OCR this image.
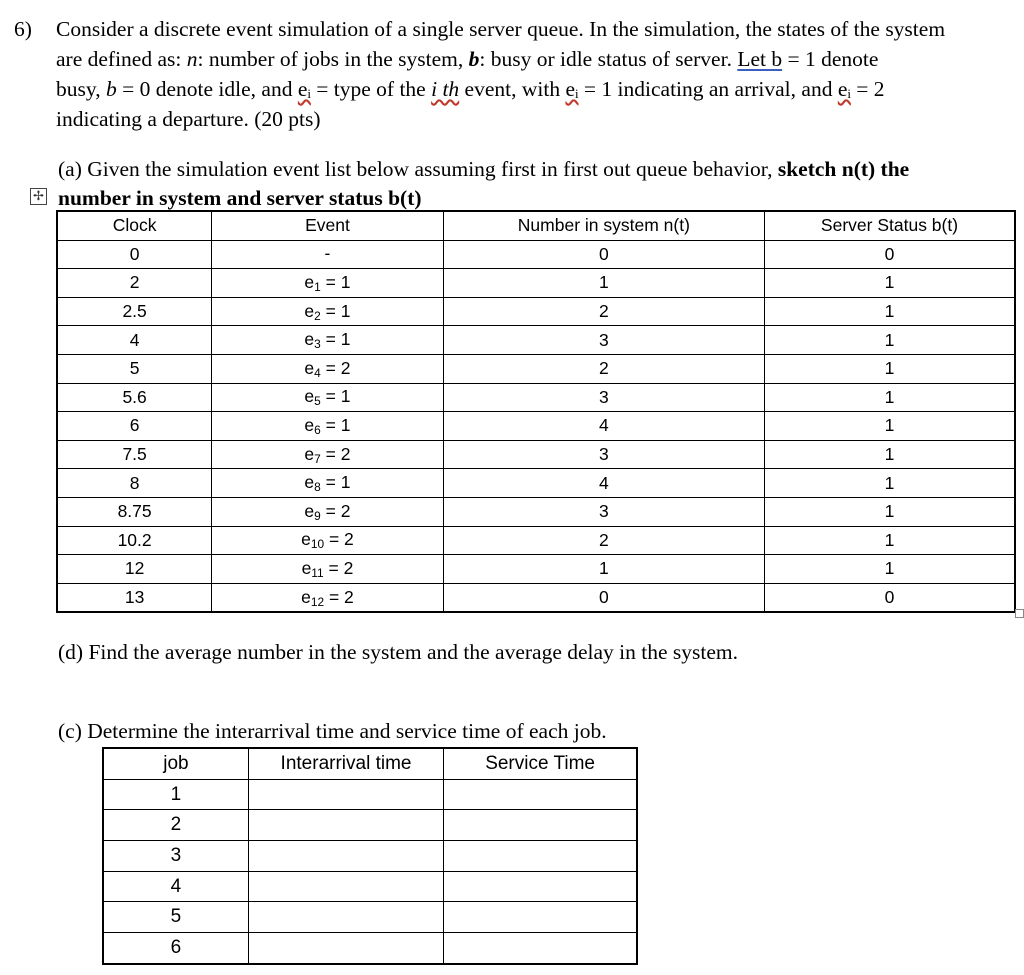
6) Consider a discrete event simulation of a single server queue. In the simulation, the states of the system
are defined as: n: number of jobs in the system, b: busy or idle status of server. Let b = 1 denote
busy, b = 0 denote idle, and eᵢ = type of the i th event, with eᵢ = 1 indicating an arrival, and eᵢ = 2
indicating a departure. (20 pts)
(a) Given the simulation event list below assuming first in first out queue behavior, sketch n(t) the
number in system and server status b(t)
✢
Clock	Event	Number in system n(t)	Server Status b(t)
0	-	0	0
2	$e_1 = 1$	1	1
2.5	$e_2 = 1$	2	1
4	$e_3 = 1$	3	1
5	$e_4 = 2$	2	1
5.6	$e_5 = 1$	3	1
6	$e_6 = 1$	4	1
7.5	$e_7 = 2$	3	1
8	$e_8 = 1$	4	1
8.75	$e_9 = 2$	3	1
10.2	$e_{10} = 2$	2	1
12	$e_{11} = 2$	1	1
13	$e_{12} = 2$	0	0
(d) Find the average number in the system and the average delay in the system.
(c) Determine the interarrival time and service time of each job.
job	Interarrival time	Service Time
1		
2		
3		
4		
5		
6		
